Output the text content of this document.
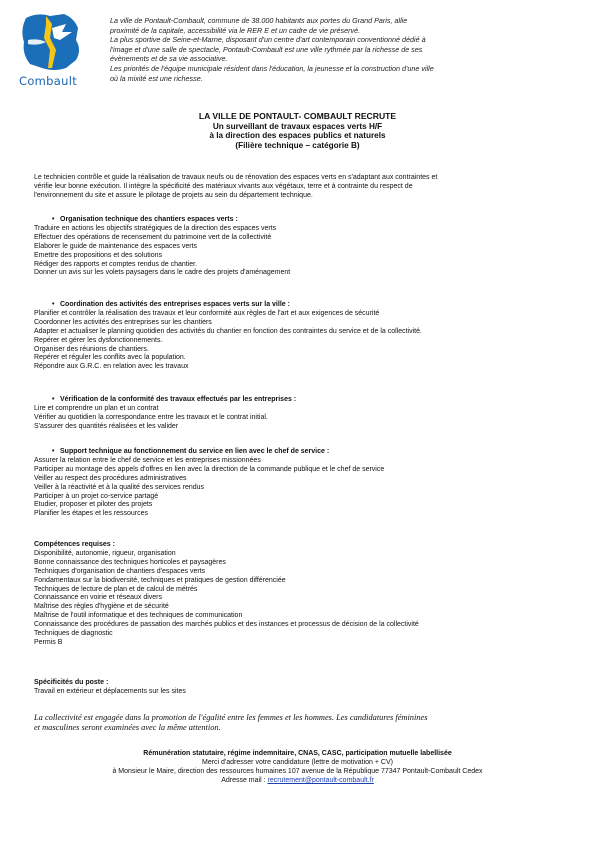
Combault

La ville de Pontault-Combault, commune de 38.000 habitants aux portes du Grand Paris, allie

proximité de la capitale, accessibilité via le RER E et un cadre de vie préservé.

La plus sportive de Seine-et-Marne, disposant d'un centre d'art contemporain conventionné dédié à

l'image et d'une salle de spectacle, Pontault-Combault est une ville rythmée par la richesse de ses

évènements et de sa vie associative.

Les priorités de l'équipe municipale résident dans l'éducation, la jeunesse et la construction d'une ville

où la mixité est une richesse.

LA VILLE DE PONTAULT- COMBAULT RECRUTE
Un surveillant de travaux espaces verts H/F
à la direction des espaces publics et naturels
(Filière technique – catégorie B)
Le technicien contrôle et guide la réalisation de travaux neufs ou de rénovation des espaces verts en s'adaptant aux contraintes et
vérifie leur bonne exécution. Il intègre la spécificité des matériaux vivants aux végétaux, terre et à contrainte du respect de
l'environnement du site et assure le pilotage de projets au sein du département technique.
• Organisation technique des chantiers espaces verts :
Traduire en actions les objectifs stratégiques de la direction des espaces verts
Effectuer des opérations de recensement du patrimoine vert de la collectivité
Elaborer le guide de maintenance des espaces verts
Emettre des propositions et des solutions
Rédiger des rapports et comptes rendus de chantier.
Donner un avis sur les volets paysagers dans le cadre des projets d'aménagement
• Coordination des activités des entreprises espaces verts sur la ville :
Planifier et contrôler la réalisation des travaux et leur conformité aux règles de l'art et aux exigences de sécurité
Coordonner les activités des entreprises sur les chantiers
Adapter et actualiser le planning quotidien des activités du chantier en fonction des contraintes du service et de la collectivité.
Repérer et gérer les dysfonctionnements.
Organiser des réunions de chantiers.
Repérer et réguler les conflits avec la population.
Répondre aux G.R.C. en relation avec les travaux
• Vérification de la conformité des travaux effectués par les entreprises :
Lire et comprendre un plan et un contrat
Vérifier au quotidien la correspondance entre les travaux et le contrat initial.
S'assurer des quantités réalisées et les valider
• Support technique au fonctionnement du service en lien avec le chef de service :
Assurer la relation entre le chef de service et les entreprises missionnées
Participer au montage des appels d'offres en lien avec la direction de la commande publique et le chef de service
Veiller au respect des procédures administratives
Veiller à la réactivité et à la qualité des services rendus
Participer à un projet co-service partagé
Etudier, proposer et piloter des projets
Planifier les étapes et les ressources
Compétences requises :
Disponibilité, autonomie, rigueur, organisation
Bonne connaissance des techniques horticoles et paysagères
Techniques d'organisation de chantiers d'espaces verts
Fondamentaux sur la biodiversité, techniques et pratiques de gestion différenciée
Techniques de lecture de plan et de calcul de métrés
Connaissance en voirie et réseaux divers
Maîtrise des règles d'hygiène et de sécurité
Maîtrise de l'outil informatique et des techniques de communication
Connaissance des procédures de passation des marchés publics et des instances et processus de décision de la collectivité
Techniques de diagnostic
Permis B
Spécificités du poste :
Travail en extérieur et déplacements sur les sites
La collectivité est engagée dans la promotion de l'égalité entre les femmes et les hommes. Les candidatures féminines
et masculines seront examinées avec la même attention.
Rémunération statutaire, régime indemnitaire, CNAS, CASC, participation mutuelle labellisée
Merci d'adresser votre candidature (lettre de motivation + CV)
à Monsieur le Maire, direction des ressources humaines 107 avenue de la République 77347 Pontault-Combault Cedex
Adresse mail : recrutement@pontault-combault.fr
